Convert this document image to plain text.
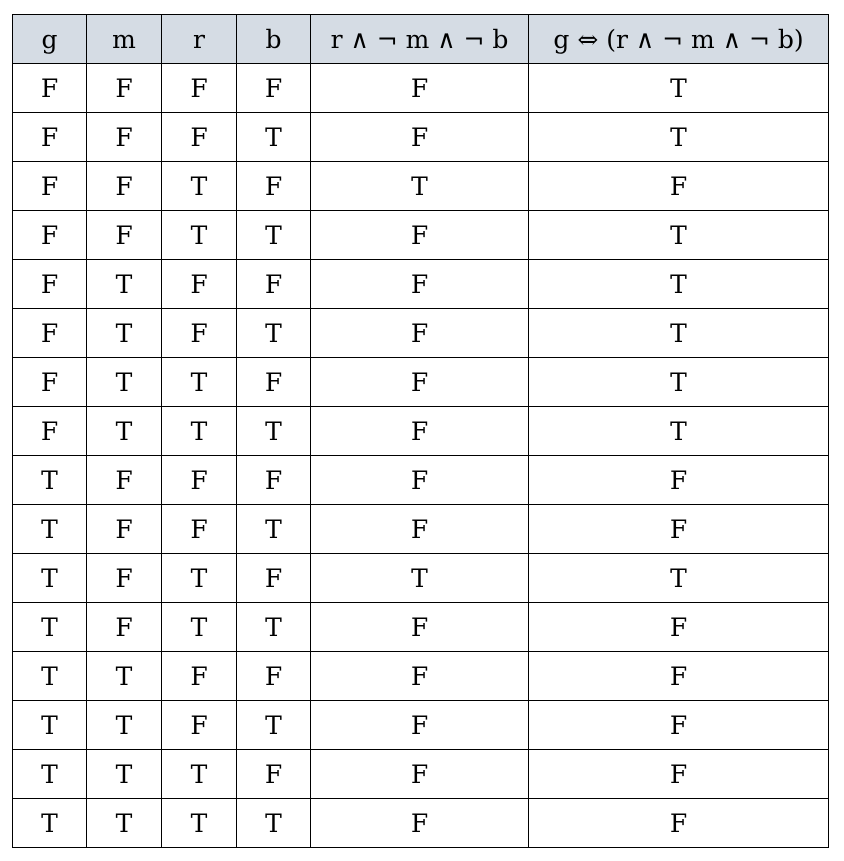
g	m	r	b	r ∧ ¬ m ∧ ¬ b	g ⇔ (r ∧ ¬ m ∧ ¬ b)
F	F	F	F	F	T
F	F	F	T	F	T
F	F	T	F	T	F
F	F	T	T	F	T
F	T	F	F	F	T
F	T	F	T	F	T
F	T	T	F	F	T
F	T	T	T	F	T
T	F	F	F	F	F
T	F	F	T	F	F
T	F	T	F	T	T
T	F	T	T	F	F
T	T	F	F	F	F
T	T	F	T	F	F
T	T	T	F	F	F
T	T	T	T	F	F
